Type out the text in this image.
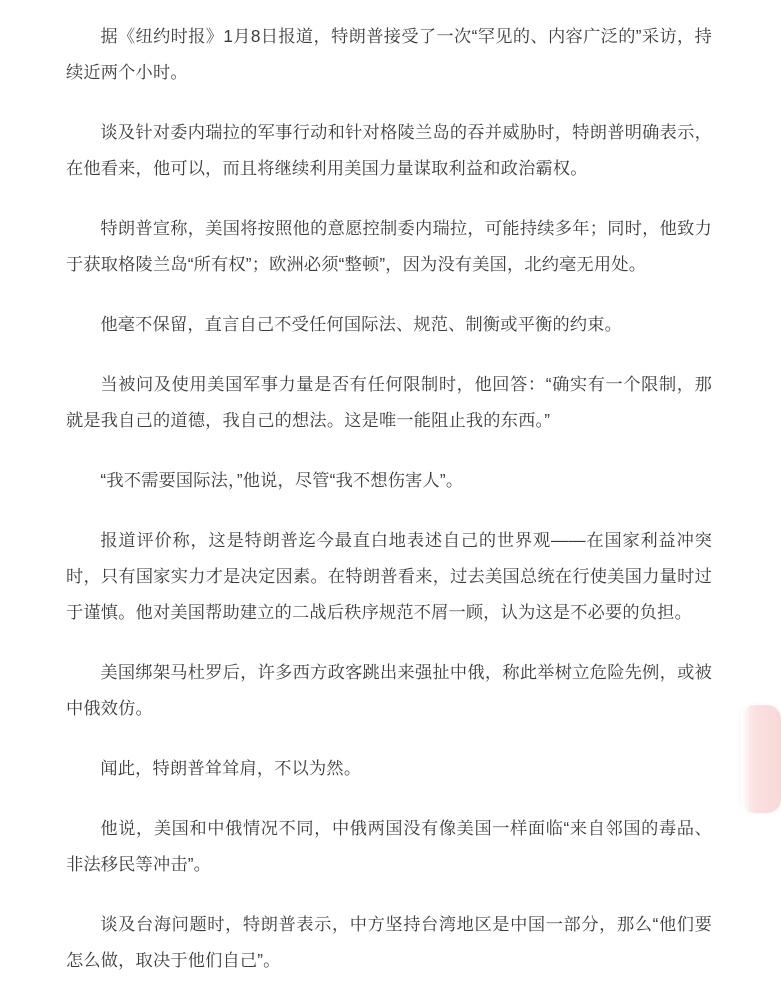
据《纽约时报》1月8日报道，特朗普接受了一次“罕见的、内容广泛的”采访，持续近两个小时。

谈及针对委内瑞拉的军事行动和针对格陵兰岛的吞并威胁时，特朗普明确表示，在他看来，他可以，而且将继续利用美国力量谋取利益和政治霸权。

特朗普宣称，美国将按照他的意愿控制委内瑞拉，可能持续多年；同时，他致力于获取格陵兰岛“所有权”；欧洲必须“整顿”，因为没有美国，北约毫无用处。

他毫不保留，直言自己不受任何国际法、规范、制衡或平衡的约束。

当被问及使用美国军事力量是否有任何限制时，他回答：“确实有一个限制，那就是我自己的道德，我自己的想法。这是唯一能阻止我的东西。”

“我不需要国际法，”他说，尽管“我不想伤害人”。

报道评价称，这是特朗普迄今最直白地表述自己的世界观——在国家利益冲突时，只有国家实力才是决定因素。在特朗普看来，过去美国总统在行使美国力量时过于谨慎。他对美国帮助建立的二战后秩序规范不屑一顾，认为这是不必要的负担。

美国绑架马杜罗后，许多西方政客跳出来强扯中俄，称此举树立危险先例，或被中俄效仿。

闻此，特朗普耸耸肩，不以为然。

他说，美国和中俄情况不同，中俄两国没有像美国一样面临“来自邻国的毒品、非法移民等冲击”。

谈及台海问题时，特朗普表示，中方坚持台湾地区是中国一部分，那么“他们要怎么做，取决于他们自己”。
